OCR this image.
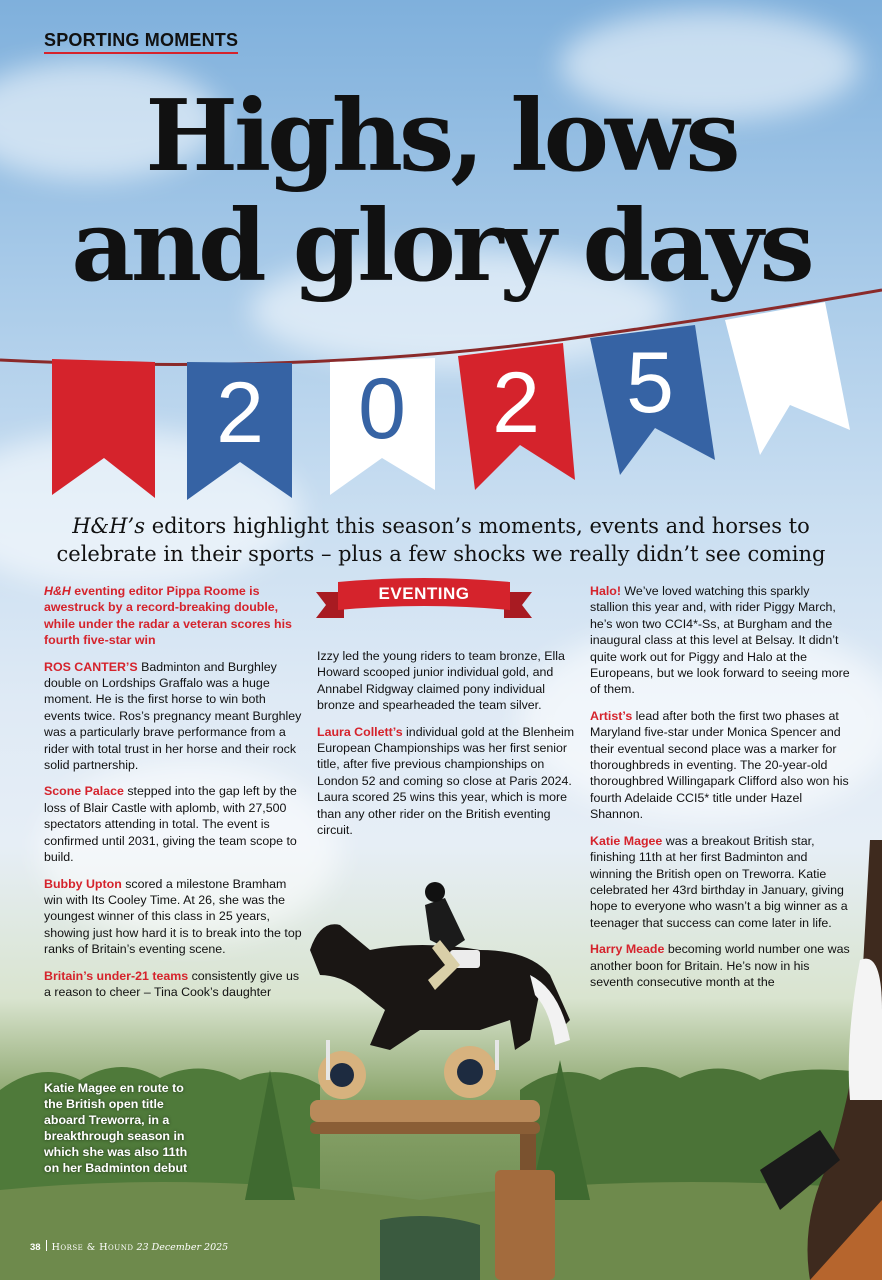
SPORTING MOMENTS
Highs, lows
and glory days
2 0 2 5
H&H’s editors highlight this season’s moments, events and horses to
celebrate in their sports – plus a few shocks we really didn’t see coming

H&H eventing editor Pippa Roome is awestruck by a record-breaking double, while under the radar a veteran scores his fourth five-star win

ROS CANTER’S Badminton and Burghley double on Lordships Graffalo was a huge moment. He is the first horse to win both events twice. Ros’s pregnancy meant Burghley was a particularly brave performance from a rider with total trust in her horse and their rock solid partnership.

Scone Palace stepped into the gap left by the loss of Blair Castle with aplomb, with 27,500 spectators attending in total. The event is confirmed until 2031, giving the team scope to build.

Bubby Upton scored a milestone Bramham win with Its Cooley Time. At 26, she was the youngest winner of this class in 25 years, showing just how hard it is to break into the top ranks of Britain’s eventing scene.

Britain’s under-21 teams consistently give us a reason to cheer – Tina Cook’s daughter

EVENTING

Izzy led the young riders to team bronze, Ella Howard scooped junior individual gold, and Annabel Ridgway claimed pony individual bronze and spearheaded the team silver.

Laura Collett’s individual gold at the Blenheim European Championships was her first senior title, after five previous championships on London 52 and coming so close at Paris 2024. Laura scored 25 wins this year, which is more than any other rider on the British eventing circuit.

Halo! We’ve loved watching this sparkly stallion this year and, with rider Piggy March, he’s won two CCI4*-Ss, at Burgham and the inaugural class at this level at Belsay. It didn’t quite work out for Piggy and Halo at the Europeans, but we look forward to seeing more of them.

Artist’s lead after both the first two phases at Maryland five-star under Monica Spencer and their eventual second place was a marker for thoroughbreds in eventing. The 20-year-old thoroughbred Willingapark Clifford also won his fourth Adelaide CCI5* title under Hazel Shannon.

Katie Magee was a breakout British star, finishing 11th at her first Badminton and winning the British open on Treworra. Katie celebrated her 43rd birthday in January, giving hope to everyone who wasn’t a big winner as a teenager that success can come later in life.

Harry Meade becoming world number one was another boon for Britain. He’s now in his seventh consecutive month at the

Katie Magee en route to the British open title aboard Treworra, in a breakthrough season in which she was also 11th on her Badminton debut
38 Horse & Hound 23 December 2025
